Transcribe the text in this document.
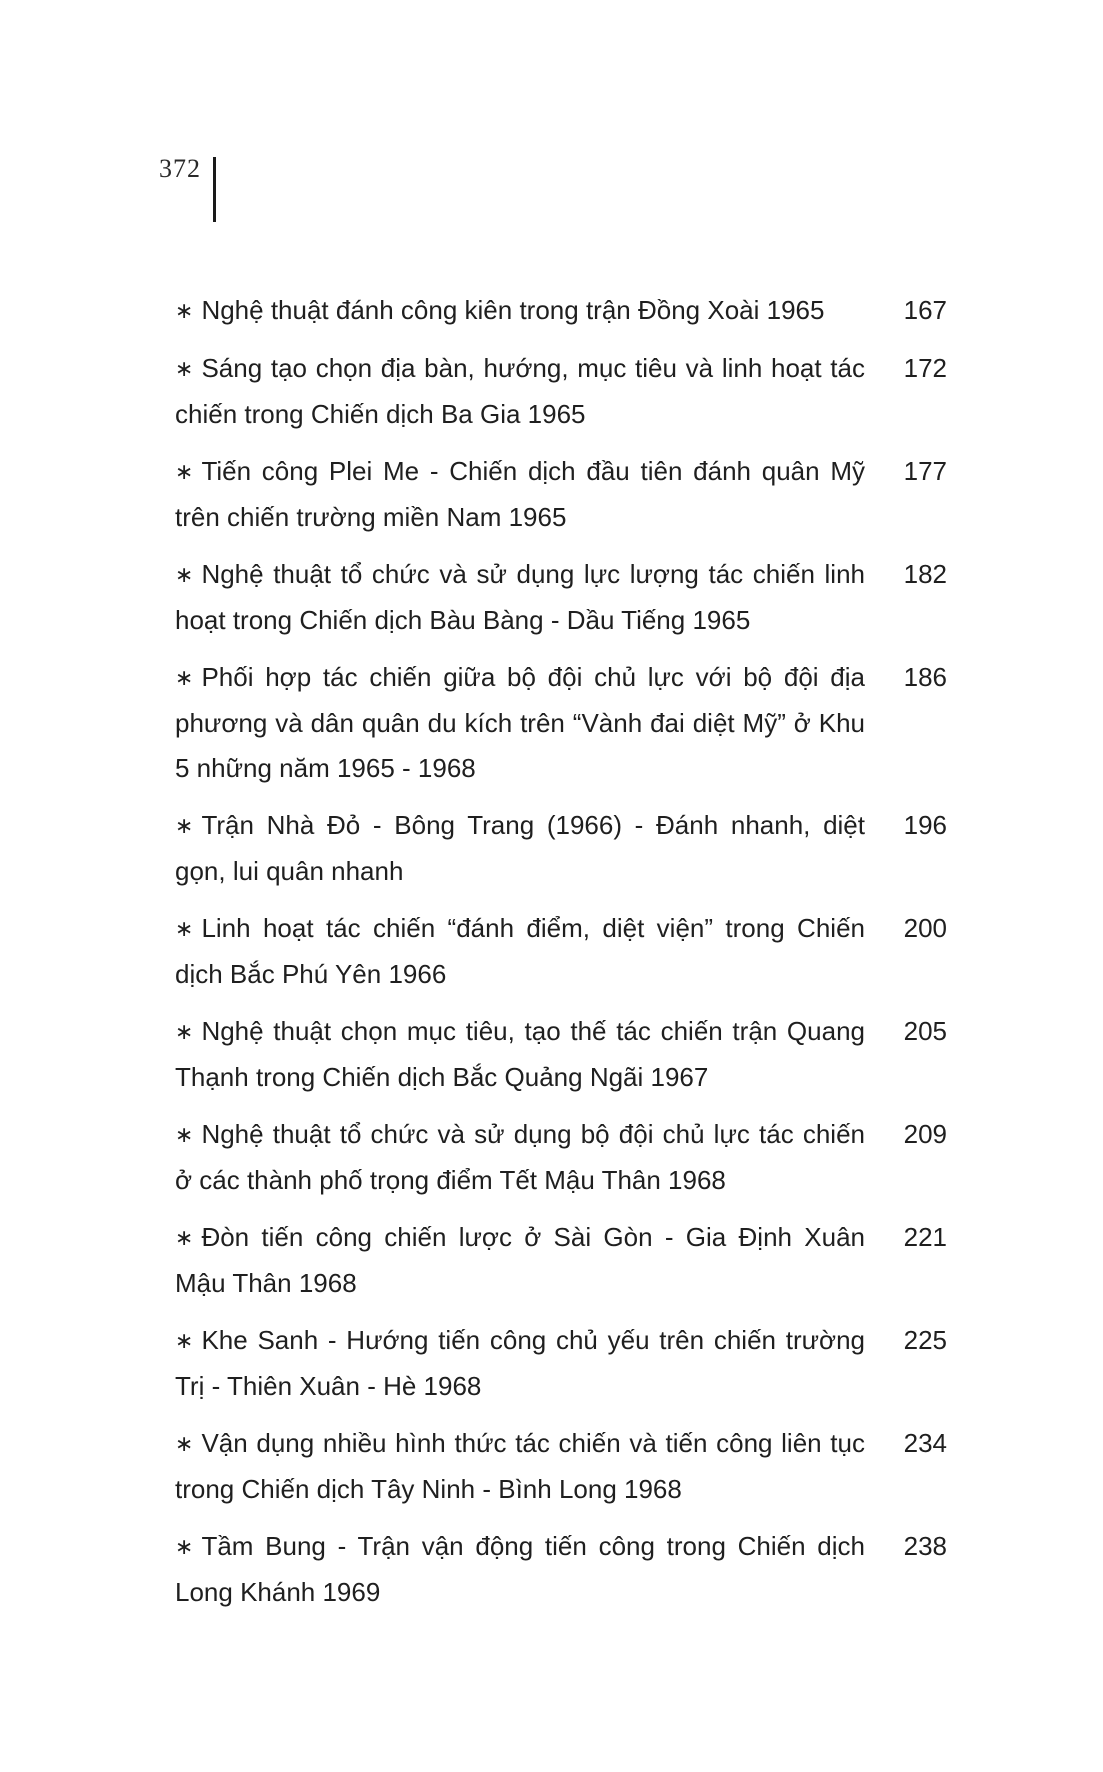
372
∗ Nghệ thuật đánh công kiên trong trận Đồng Xoài 1965	167
∗ Sáng tạo chọn địa bàn, hướng, mục tiêu và linh hoạt tác chiến trong Chiến dịch Ba Gia 1965
172
∗ Tiến công Plei Me - Chiến dịch đầu tiên đánh quân Mỹ trên chiến trường miền Nam 1965
177
∗ Nghệ thuật tổ chức và sử dụng lực lượng tác chiến linh hoạt trong Chiến dịch Bàu Bàng - Dầu Tiếng 1965
182
∗ Phối hợp tác chiến giữa bộ đội chủ lực với bộ đội địa phương và dân quân du kích trên “Vành đai diệt Mỹ” ở Khu 5 những năm 1965 - 1968
186
∗ Trận Nhà Đỏ - Bông Trang (1966) - Đánh nhanh, diệt gọn, lui quân nhanh
196
∗ Linh hoạt tác chiến “đánh điểm, diệt viện” trong Chiến dịch Bắc Phú Yên 1966
200
∗ Nghệ thuật chọn mục tiêu, tạo thế tác chiến trận Quang Thạnh trong Chiến dịch Bắc Quảng Ngãi 1967
205
∗ Nghệ thuật tổ chức và sử dụng bộ đội chủ lực tác chiến ở các thành phố trọng điểm Tết Mậu Thân 1968
209
∗ Đòn tiến công chiến lược ở Sài Gòn - Gia Định Xuân Mậu Thân 1968
221
∗ Khe Sanh - Hướng tiến công chủ yếu trên chiến trường Trị - Thiên Xuân - Hè 1968
225
∗ Vận dụng nhiều hình thức tác chiến và tiến công liên tục trong Chiến dịch Tây Ninh - Bình Long 1968
234
∗ Tầm Bung - Trận vận động tiến công trong Chiến dịch Long Khánh 1969
238
